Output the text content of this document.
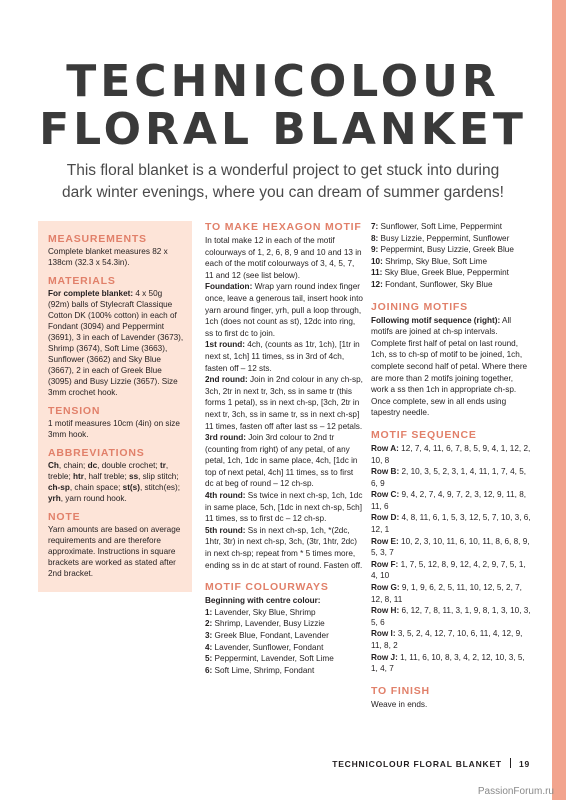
TECHNICOLOUR
FLORAL BLANKET

This floral blanket is a wonderful project to get stuck into during dark winter evenings, where you can dream of summer gardens!

MEASUREMENTS

Complete blanket measures 82 x 138cm (32.3 x 54.3in).

MATERIALS

For complete blanket: 4 x 50g (92m) balls of Stylecraft Classique Cotton DK (100% cotton) in each of Fondant (3094) and Peppermint (3691), 3 in each of Lavender (3673), Shrimp (3674), Soft Lime (3663), Sunflower (3662) and Sky Blue (3667), 2 in each of Greek Blue (3095) and Busy Lizzie (3657). Size 3mm crochet hook.

TENSION

1 motif measures 10cm (4in) on size 3mm hook.

ABBREVIATIONS

Ch, chain; dc, double crochet; tr, treble; htr, half treble; ss, slip stitch; ch-sp, chain space; st(s), stitch(es); yrh, yarn round hook.

NOTE

Yarn amounts are based on average requirements and are therefore approximate. Instructions in square brackets are worked as stated after 2nd bracket.

TO MAKE HEXAGON MOTIF

In total make 12 in each of the motif colourways of 1, 2, 6, 8, 9 and 10 and 13 in each of the motif colourways of 3, 4, 5, 7, 11 and 12 (see list below).

Foundation: Wrap yarn round index finger once, leave a generous tail, insert hook into yarn around finger, yrh, pull a loop through, 1ch (does not count as st), 12dc into ring, ss to first dc to join.

1st round: 4ch, (counts as 1tr, 1ch), [1tr in next st, 1ch] 11 times, ss in 3rd of 4ch, fasten off – 12 sts.

2nd round: Join in 2nd colour in any ch-sp, 3ch, 2tr in next tr, 3ch, ss in same tr (this forms 1 petal), ss in next ch-sp, [3ch, 2tr in next tr, 3ch, ss in same tr, ss in next ch-sp] 11 times, fasten off after last ss – 12 petals.

3rd round: Join 3rd colour to 2nd tr (counting from right) of any petal, of any petal, 1ch, 1dc in same place, 4ch, [1dc in top of next petal, 4ch] 11 times, ss to first dc at beg of round – 12 ch-sp.

4th round: Ss twice in next ch-sp, 1ch, 1dc in same place, 5ch, [1dc in next ch-sp, 5ch] 11 times, ss to first dc – 12 ch-sp.

5th round: Ss in next ch-sp, 1ch, *(2dc, 1htr, 3tr) in next ch-sp, 3ch, (3tr, 1htr, 2dc) in next ch-sp; repeat from * 5 times more, ending ss in dc at start of round. Fasten off.

MOTIF COLOURWAYS

Beginning with centre colour:

1: Lavender, Sky Blue, Shrimp

2: Shrimp, Lavender, Busy Lizzie

3: Greek Blue, Fondant, Lavender

4: Lavender, Sunflower, Fondant

5: Peppermint, Lavender, Soft Lime

6: Soft Lime, Shrimp, Fondant

7: Sunflower, Soft Lime, Peppermint

8: Busy Lizzie, Peppermint, Sunflower

9: Peppermint, Busy Lizzie, Greek Blue

10: Shrimp, Sky Blue, Soft Lime

11: Sky Blue, Greek Blue, Peppermint

12: Fondant, Sunflower, Sky Blue

JOINING MOTIFS

Following motif sequence (right): All motifs are joined at ch-sp intervals. Complete first half of petal on last round, 1ch, ss to ch-sp of motif to be joined, 1ch, complete second half of petal. Where there are more than 2 motifs joining together, work a ss then 1ch in appropriate ch-sp. Once complete, sew in all ends using tapestry needle.

MOTIF SEQUENCE

Row A: 12, 7, 4, 11, 6, 7, 8, 5, 9, 4, 1, 12, 2, 10, 8

Row B: 2, 10, 3, 5, 2, 3, 1, 4, 11, 1, 7, 4, 5, 6, 9

Row C: 9, 4, 2, 7, 4, 9, 7, 2, 3, 12, 9, 11, 8, 11, 6

Row D: 4, 8, 11, 6, 1, 5, 3, 12, 5, 7, 10, 3, 6, 12, 1

Row E: 10, 2, 3, 10, 11, 6, 10, 11, 8, 6, 8, 9, 5, 3, 7

Row F: 1, 7, 5, 12, 8, 9, 12, 4, 2, 9, 7, 5, 1, 4, 10

Row G: 9, 1, 9, 6, 2, 5, 11, 10, 12, 5, 2, 7, 12, 8, 11

Row H: 6, 12, 7, 8, 11, 3, 1, 9, 8, 1, 3, 10, 3, 5, 6

Row I: 3, 5, 2, 4, 12, 7, 10, 6, 11, 4, 12, 9, 11, 8, 2

Row J: 1, 11, 6, 10, 8, 3, 4, 2, 12, 10, 3, 5, 1, 4, 7

TO FINISH

Weave in ends.

TECHNICOLOUR FLORAL BLANKET 19
PassionForum.ru
